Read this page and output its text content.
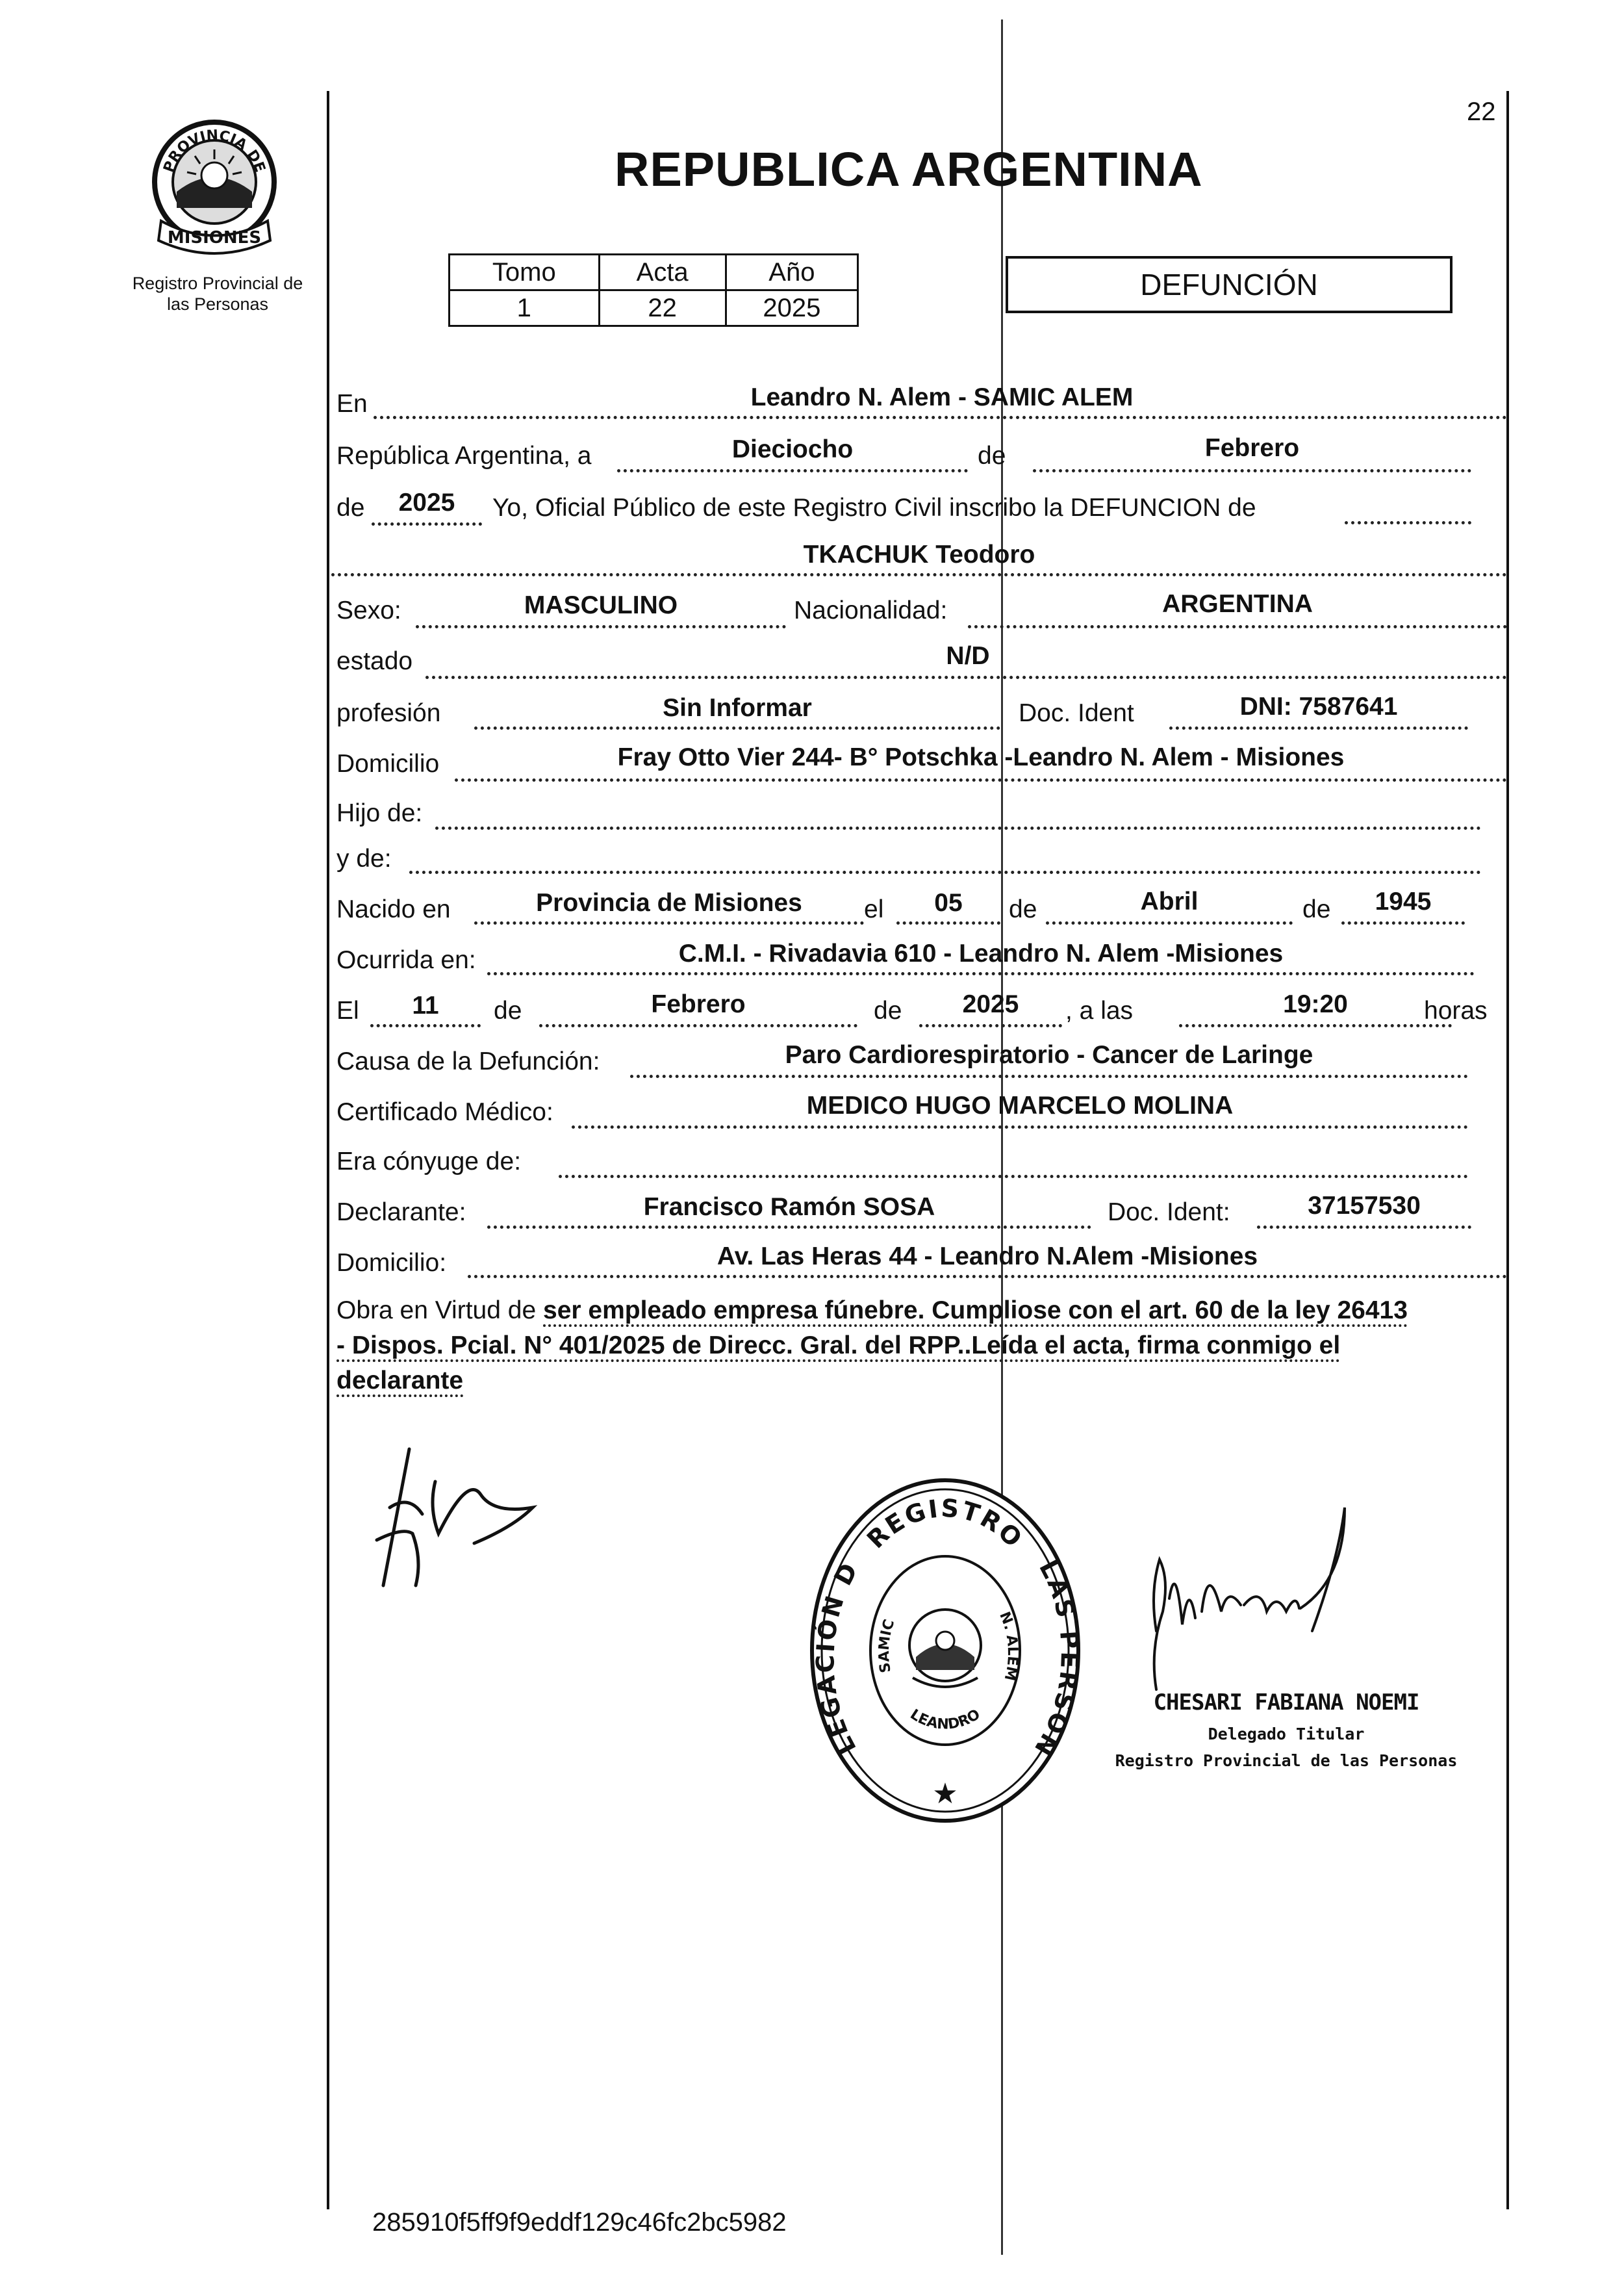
22
PROVINCIA DE
MISIONES
Registro Provincial de
las Personas
REPUBLICA ARGENTINA
Tomo	Acta	Año
1	22	2025
DEFUNCIÓN
En	Leandro N. Alem - SAMIC ALEM
República Argentina, a	Dieciocho	de	Febrero
de	2025	Yo, Oficial Público de este Registro Civil inscribo la DEFUNCION de
TKACHUK Teodoro
Sexo:	MASCULINO	Nacionalidad:	ARGENTINA
estado	N/D
profesión	Sin Informar	Doc. Ident	DNI: 7587641
Domicilio	Fray Otto Vier 244- B° Potschka -Leandro N. Alem - Misiones
Hijo de:
y de:
Nacido en	Provincia de Misiones	el	05	de	Abril	de	1945
Ocurrida en:	C.M.I. - Rivadavia 610 - Leandro N. Alem -Misiones
El	11	de	Febrero	de	2025	, a las	19:20	horas
Causa de la Defunción:	Paro Cardiorespiratorio - Cancer de Laringe
Certificado Médico:	MEDICO HUGO MARCELO MOLINA
Era cónyuge de:
Declarante:	Francisco Ramón SOSA	Doc. Ident:	37157530
Domicilio:	Av. Las Heras 44 - Leandro N.Alem -Misiones
Obra en Virtud de ser empleado empresa fúnebre. Cumpliose con el art. 60 de la ley 26413
- Dispos. Pcial. N° 401/2025 de Direcc. Gral. del RPP..Leída el acta, firma conmigo el
declarante
REGISTRO
LEGACIÓN D	LAS PERSON
SAMIC
LEANDRO
N. ALEM
★
CHESARI FABIANA NOEMI
Delegado Titular
Registro Provincial de las Personas
285910f5ff9f9eddf129c46fc2bc5982
